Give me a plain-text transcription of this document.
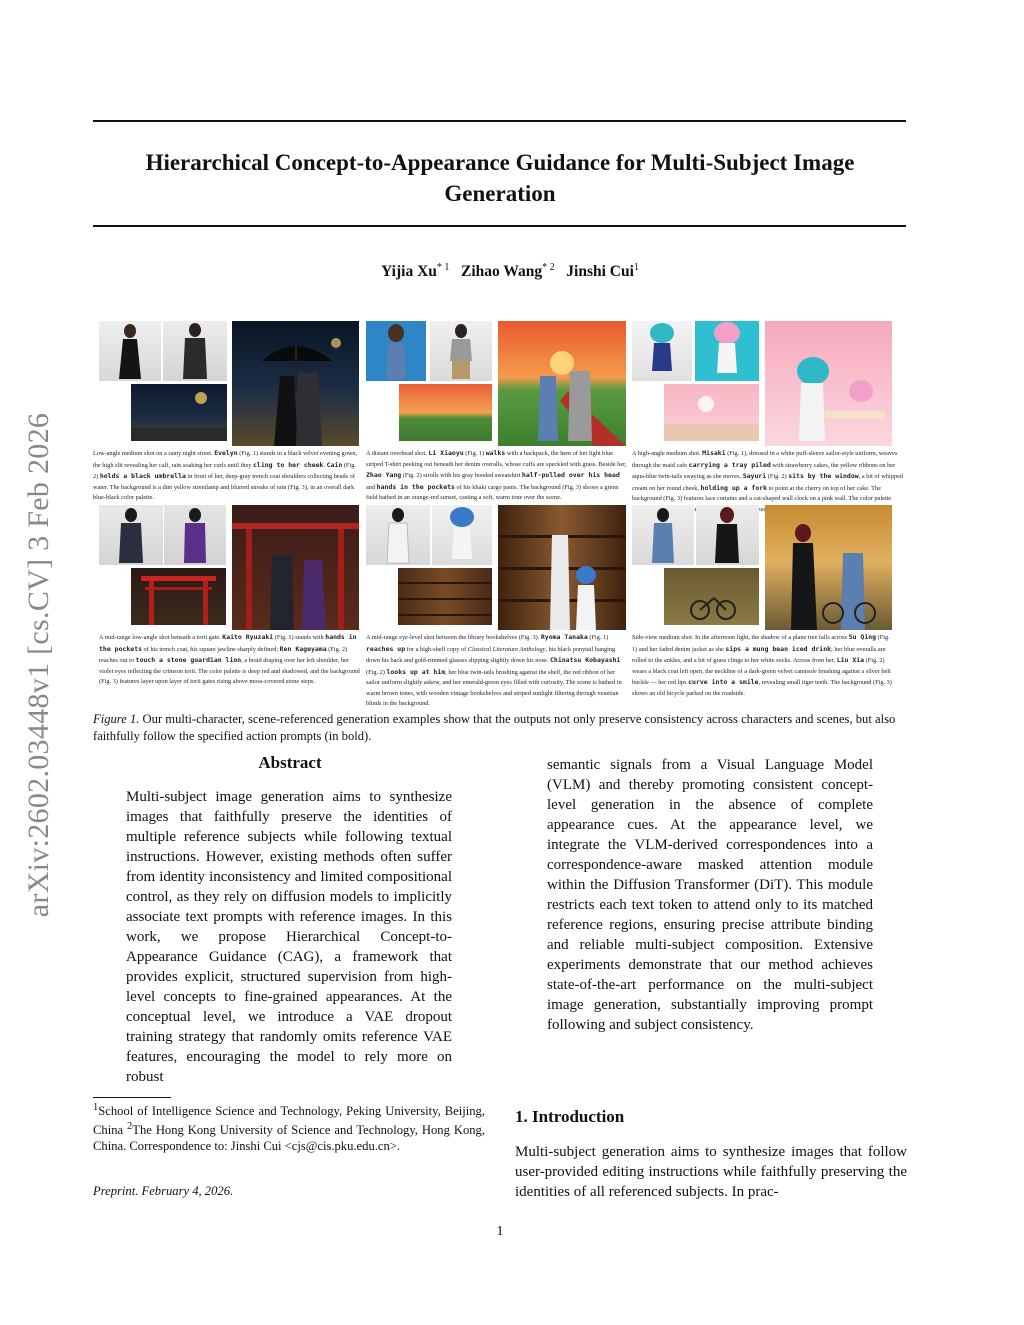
arXiv:2602.03448v1 [cs.CV] 3 Feb 2026
Hierarchical Concept-to-Appearance Guidance for Multi-Subject Image Generation
Yijia Xu$^{* 1}$ Zihao Wang$^{* 2}$ Jinshi Cui$^1$
Low-angle medium shot on a rainy night street. Evelyn (Fig. 1) stands in a black velvet evening gown, the high slit revealing her calf, rain soaking her curls until they cling to her cheek. Cain (Fig. 2) holds a black umbrella in front of her, deep-gray trench coat shoulders collecting beads of water. The background is a dim yellow streetlamp and blurred streaks of rain (Fig. 3), in an overall dark blue-black color palette.
A distant overhead shot. Li Xiaoyu (Fig. 1) walks with a backpack, the hem of her light blue striped T-shirt peeking out beneath her denim overalls, whose cuffs are speckled with grass. Beside her, Zhao Yang (Fig. 2) strolls with his gray hooded sweatshirt half-pulled over his head and hands in the pockets of his khaki cargo pants. The background (Fig. 3) shows a green field bathed in an orange-red sunset, casting a soft, warm tone over the scene.
A high-angle medium shot. Misaki (Fig. 1), dressed in a white puff-sleeve sailor-style uniform, weaves through the maid cafe carrying a tray piled with strawberry cakes, the yellow ribbons on her aqua-blue twin-tails swaying as she moves. Sayuri (Fig. 2) sits by the window, a bit of whipped cream on her round cheek, holding up a fork to point at the cherry on top of her cake. The background (Fig. 3) features lace curtains and a cat-shaped wall clock on a pink wall. The color palette
A mid-range low-angle shot beneath a torii gate. Kaito Ryuzaki (Fig. 1) stands with hands in the pockets of his trench coat, his square jawline sharply defined; Ren Kageyama (Fig. 2) reaches out to touch a stone guardian lion, a braid draping over her left shoulder, her violet eyes reflecting the crimson torii. The color palette is deep red and shadowed, and the background (Fig. 3) features layer upon layer of torii gates rising above moss-covered stone steps.
A mid-range eye-level shot between the library bookshelves (Fig. 3). Ryoma Tanaka (Fig. 1) reaches up for a high-shelf copy of Classical Literature Anthology, his black ponytail hanging down his back and gold-rimmed glasses slipping slightly down his nose. Chinatsu Kobayashi (Fig. 2) looks up at him, her blue twin-tails brushing against the shelf, the red ribbon of her sailor uniform slightly askew, and her emerald-green eyes filled with curiosity. The scene is bathed in warm brown tones, with wooden vintage bookshelves and striped sunlight filtering through venetian blinds in the background.
Side-view medium shot. In the afternoon light, the shadow of a plane tree falls across Su Qing (Fig. 1) and her faded denim jacket as she sips a mung bean iced drink; her blue overalls are rolled to the ankles, and a bit of grass clings to her white socks. Across from her, Liu Xia (Fig. 2) wears a black coat left open, the neckline of a dark-green velvet camisole brushing against a silver belt buckle — her red lips curve into a smile, revealing small tiger teeth. The background (Fig. 3) shows an old bicycle parked on the roadside.
Figure 1. Our multi-character, scene-referenced generation examples show that the outputs not only preserve consistency across characters and scenes, but also faithfully follow the specified action prompts (in bold).
Abstract
Multi-subject image generation aims to synthesize images that faithfully preserve the identities of multiple reference subjects while following textual instructions. However, existing methods often suffer from identity inconsistency and limited compositional control, as they rely on diffusion models to implicitly associate text prompts with reference images. In this work, we propose Hierarchical Concept-to-Appearance Guidance (CAG), a framework that provides explicit, structured supervision from high-level concepts to fine-grained appearances. At the conceptual level, we introduce a VAE dropout training strategy that randomly omits reference VAE features, encouraging the model to rely more on robust
semantic signals from a Visual Language Model (VLM) and thereby promoting consistent concept-level generation in the absence of complete appearance cues. At the appearance level, we integrate the VLM-derived correspondences into a correspondence-aware masked attention module within the Diffusion Transformer (DiT). This module restricts each text token to attend only to its matched reference regions, ensuring precise attribute binding and reliable multi-subject composition. Extensive experiments demonstrate that our method achieves state-of-the-art performance on the multi-subject image generation, substantially improving prompt following and subject consistency.
$^1$School of Intelligence Science and Technology, Peking University, Beijing, China $^2$The Hong Kong University of Science and Technology, Hong Kong, China. Correspondence to: Jinshi Cui <cjs@cis.pku.edu.cn>.
Preprint. February 4, 2026.
1. Introduction
Multi-subject generation aims to synthesize images that follow user-provided editing instructions while faithfully preserving the identities of all referenced subjects. In prac-
1
